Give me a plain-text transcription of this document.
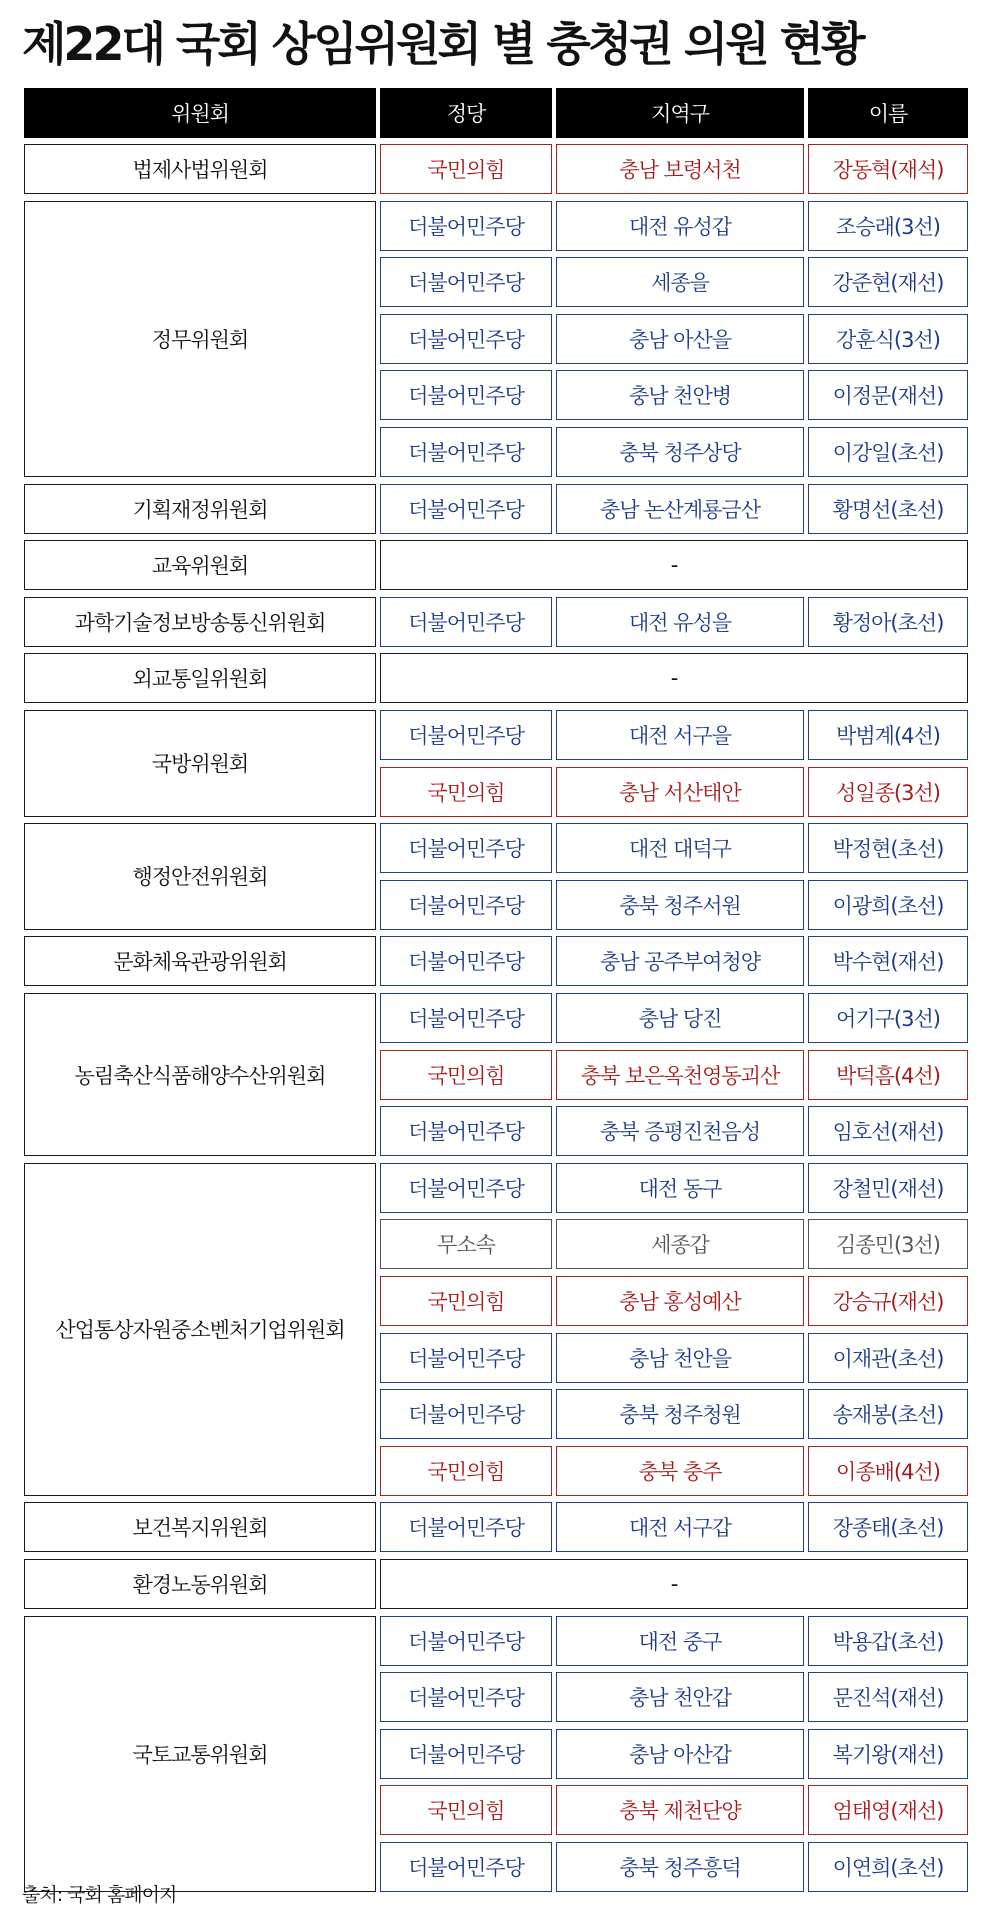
제22대 국회 상임위원회 별 충청권 의원 현황
위원회	정당	지역구	이름
법제사법위원회	국민의힘	충남 보령서천	장동혁(재석)
정무위원회
더불어민주당	대전 유성갑	조승래(3선)
더불어민주당	세종을	강준현(재선)
더불어민주당	충남 아산을	강훈식(3선)
더불어민주당	충남 천안병	이정문(재선)
더불어민주당	충북 청주상당	이강일(초선)
기획재정위원회	더불어민주당	충남 논산계룡금산	황명선(초선)
교육위원회	-
과학기술정보방송통신위원회	더불어민주당	대전 유성을	황정아(초선)
외교통일위원회	-
국방위원회
더불어민주당	대전 서구을	박범계(4선)
국민의힘	충남 서산태안	성일종(3선)
행정안전위원회
더불어민주당	대전 대덕구	박정현(초선)
더불어민주당	충북 청주서원	이광희(초선)
문화체육관광위원회	더불어민주당	충남 공주부여청양	박수현(재선)
농림축산식품해양수산위원회
더불어민주당	충남 당진	어기구(3선)
국민의힘	충북 보은옥천영동괴산	박덕흠(4선)
더불어민주당	충북 증평진천음성	임호선(재선)
산업통상자원중소벤처기업위원회
더불어민주당	대전 동구	장철민(재선)
무소속	세종갑	김종민(3선)
국민의힘	충남 홍성예산	강승규(재선)
더불어민주당	충남 천안을	이재관(초선)
더불어민주당	충북 청주청원	송재봉(초선)
국민의힘	충북 충주	이종배(4선)
보건복지위원회	더불어민주당	대전 서구갑	장종태(초선)
환경노동위원회	-
국토교통위원회
더불어민주당	대전 중구	박용갑(초선)
더불어민주당	충남 천안갑	문진석(재선)
더불어민주당	충남 아산갑	복기왕(재선)
국민의힘	충북 제천단양	엄태영(재선)
더불어민주당	충북 청주흥덕	이연희(초선)
출처: 국회 홈페이지
